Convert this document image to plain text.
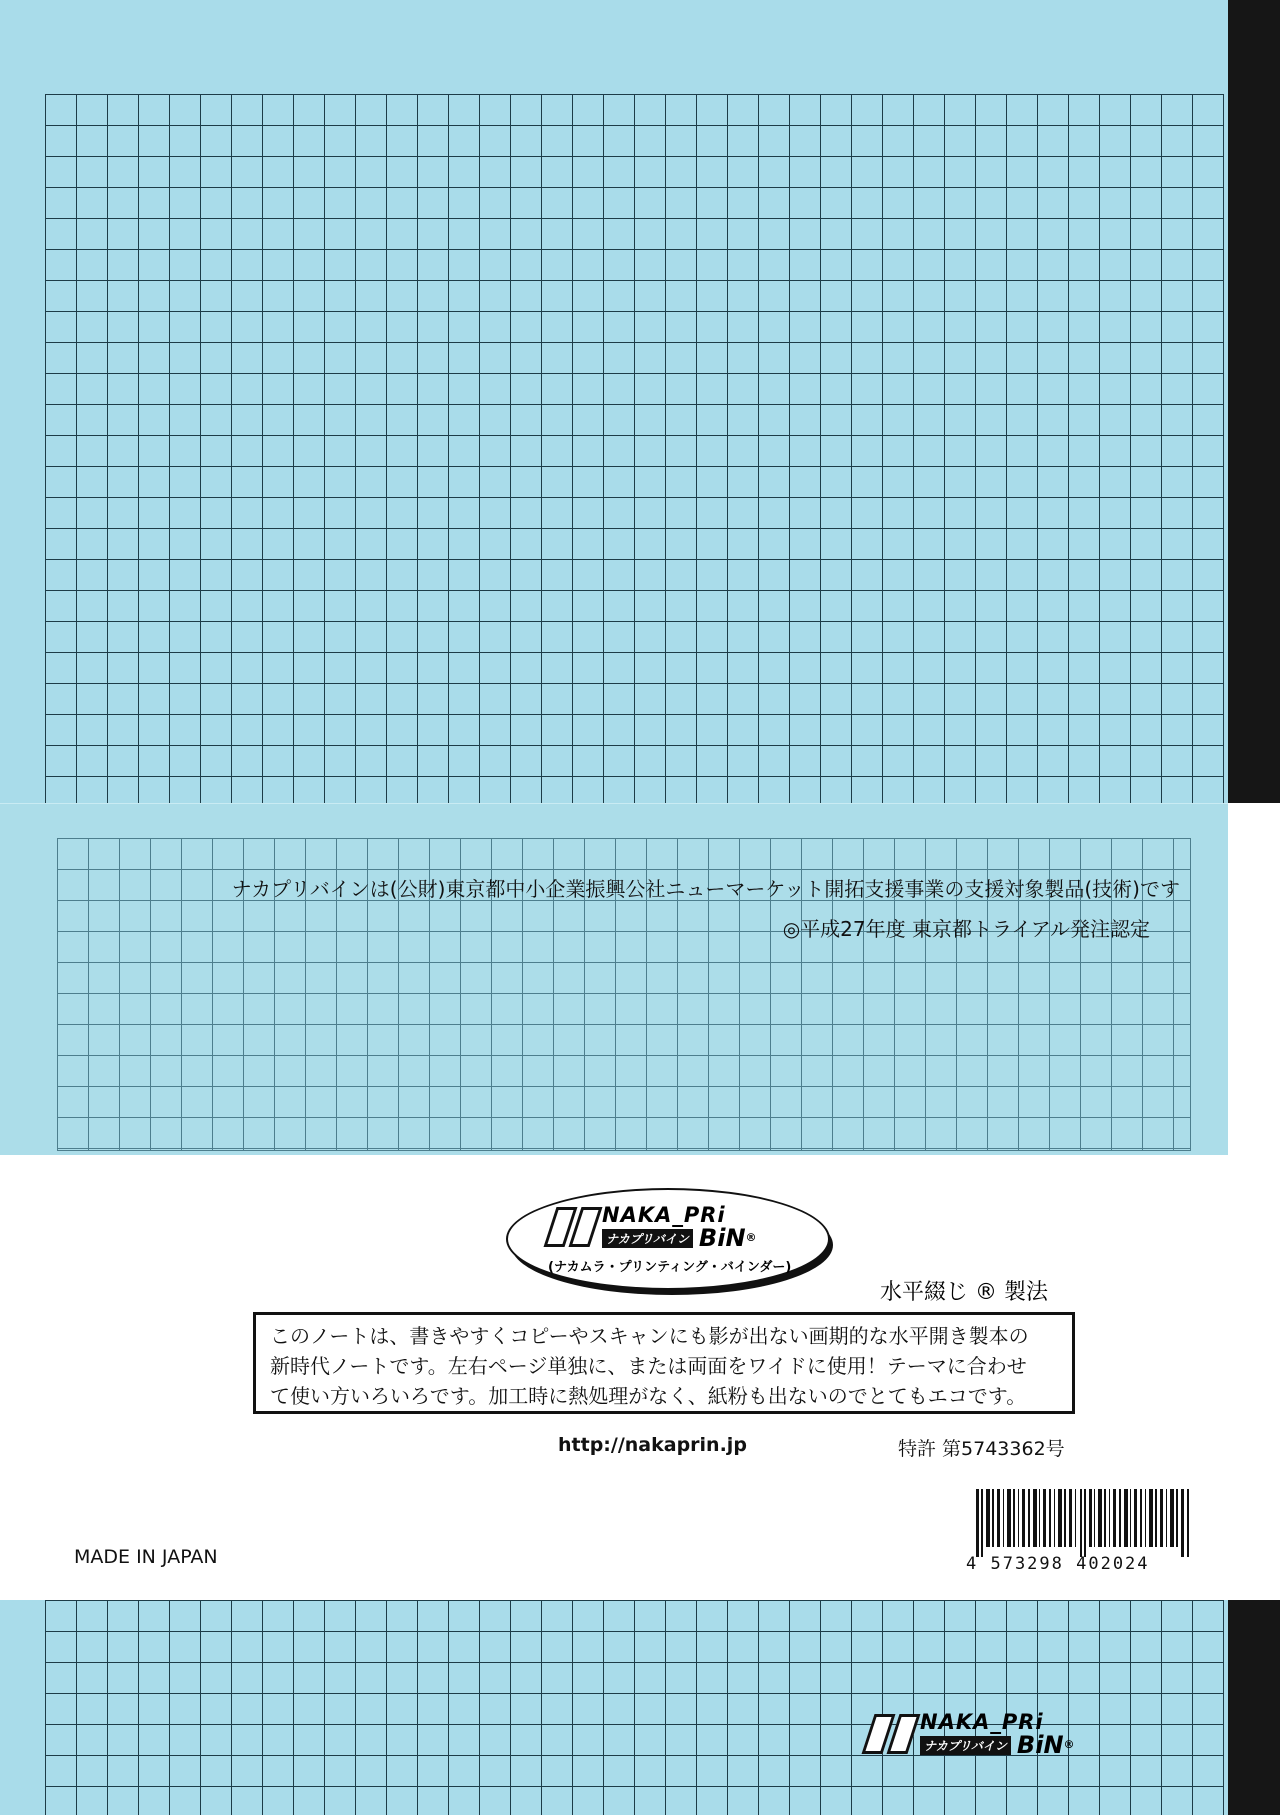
ナカプリバインは(公財)東京都中小企業振興公社ニューマーケット開拓支援事業の支援対象製品(技術)です
◎平成27年度 東京都トライアル発注認定
NAKA_PRi
ナカプリバイン BiN®
(ナカムラ・プリンティング・バインダー)
水平綴じ ® 製法
このノートは、書きやすくコピーやスキャンにも影が出ない画期的な水平開き製本の
新時代ノートです。左右ページ単独に、または両面をワイドに使用！テーマに合わせ
て使い方いろいろです。加工時に熱処理がなく、紙粉も出ないのでとてもエコです。
http://nakaprin.jp	特許 第5743362号
MADE IN JAPAN	4 573298 402024
NAKA_PRi
ナカプリバイン BiN®
